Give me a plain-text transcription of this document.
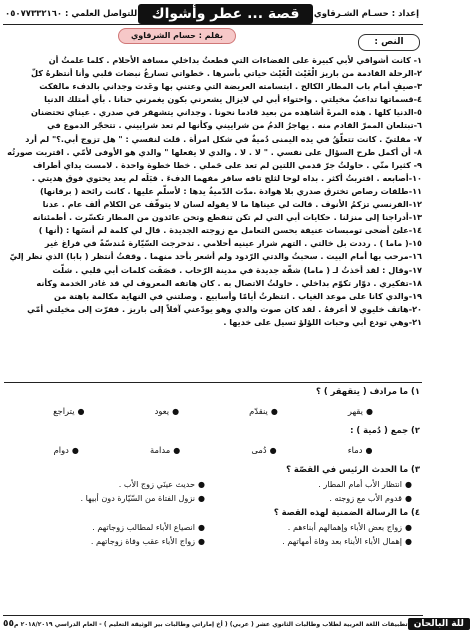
للتواصل العلمي : ٠٥٠٧٧٣٣٢١٦٠	قصة ... عطر وأشواك	إعداد : حسـام الشـرقاوي
بقلم : حسام الشرقاوي
النص :
١- كانت أشواقي لأبي كبيرة على الفضاءات التي قطعتُ بداخلي مسافة الأحلام . كلما علمتُ أن
٢-الرحلة القادمة من باريز الْغَيْث الْغَيْث حياتي بأسرها . خطواتي تسارعُ نبضات قلبي وأنا أنتظرهُ كلّ
٣-صيفٍ أمام باب المطار الكالح . ابتسامته العريضة التي وعتني بها وعَدت وجداني بالدفء مالفكت
٤-قسماتها تداعبُ مخيلتي . واحتواء أبي لي لايزال يشعرني بكون يغمرني حنانا . بأي أمتلك الدنيا
٥-الدنيا كلها . هذه المرةَ أشاهده من بعيد قادما نحونا . وجداني يتشهقر في صدري . عيناي تحتضنان
٦-تبتلعان الممرّ القادم منه . يهاجرُ الدمُ من شراييني وكأنها لم تعد شراييني . تتحجّر الدموع في
٧- مقلتيّ . كانت تتعلّقُ في يده اليمنى دُميةٌ في شكل امرأة . قلت لنفسي : " هل تزوج أبي.؟" لم أرد
٨- أن أكمل طرح السؤال على نفسي . " لا . لا . والدي لا يفعلها " والدي هو الأوفى لأمّي . اقتربت صورتُه
٩- كثيرا منّي . حاولتُ جرّ قدمي اللتين لم تعد على حَملي . خطا خطوة واحدة . لامست يداي أطراف
١٠-أصابعه . اقتربتُ أكثر . بداه لوحا لثلج تافه سافر مفهما الدفءَ . قبَلَه لم يعد يحتوي فوق هديتي .
١١-طلقات رصاص تخترق صدري بلا هوادة .مدّت الدّميةُ يدها : لأسلّم عليها . كانت رائحة ( برفانها)
١٢-الفرنسي تزكمُ الأنوف . قالت لي عيناها ما لا يقوله لسان لا يتوقّف عن الكلام ألف عام . عدنا
١٣-أدراجنا إلى منزلنا . حكايات أبي التي لم تكن تنقطع وتحن عائدون من المطار تكسّرت . أطمئنانه
١٤-علئ أضحى تومبسات عنيفة بحسن التعامل مع زوجته الجديدة . قال لي كلمة لم أنسَها : (أنها )
١٥-( ماما ) . رددت بل خالتي . التهم شرار عينيه أحلامي . تدحرجت السّيّارة مُندسّةً في فراغ غير
١٦-مرحب بها أمام البيت . سحبتُ والدتي الرّدود ولم أشعر بأحد منهما . وقفتُ أنتظر ( بابا) الذي نظر إليّ
١٧-وقال : لقد أخذتُ لـ ( ماما) شقّة جديدة في مدينة الرّحاب . قصَفَت كلمات أبي قلبي . شلّت
١٨-تفكيري . دوّار تكوّم بداخلي . حاولتُ الاتصال به . كان هاتفه المعروف لي قد غادر الخدمة وكأنه
١٩-والدي كانا على موعد الغياب . انتظرتُ أيامًا وأسابيع . وصلتني في النهاية مكالمة باهتة من
٢٠-هاتف خليوي لا أعرفهُ . لقد كان صوت والدي وهو يودّعني آفلاً إلى باريز . فقرّت إلى مخيلتي أمّي
٢١-وهي تودع أبي وحبات اللؤلؤ تسيل على خديها .
١) ما مرادف ( يتقهقر ) ؟
●
يقهر
●
ينقدّم
●
يعود
●
يتراجع
٢) جمع ( دُمية ) :
●
دماء
●
دُمى
●
مدامة
●
دوام
٣) ما الحدث الرئيس في القصّة ؟
●
انتظار الأب أمام المطار .
●
حديث عينَي زوج الأب .
●
قدوم الأب مع زوجته .
●
نزول الفتاة من السّيّارة دون أبيها .
٤) ما الرسالة الضمنية لهذه القصة ؟
●
زواج بعض الأباء وإهمالهم أبناءهم .
●
انصياع الأباء لمطالب زوجاتهم .
●
إهمال الأباء الأبناء بعد وفاة أمهاتهم .
●
زواج الأباء عقب وفاة زوجاتهم .
٥٥ تطبيقات اللغة العربية لطلاب وطالبات الثانوي عشر ( عربي) ( أخ إماراتي وطالبات بير الوثيقة التعليم ) - العام الدراسي ٢٠١٨/٢٠١٩ م للة البالحان
